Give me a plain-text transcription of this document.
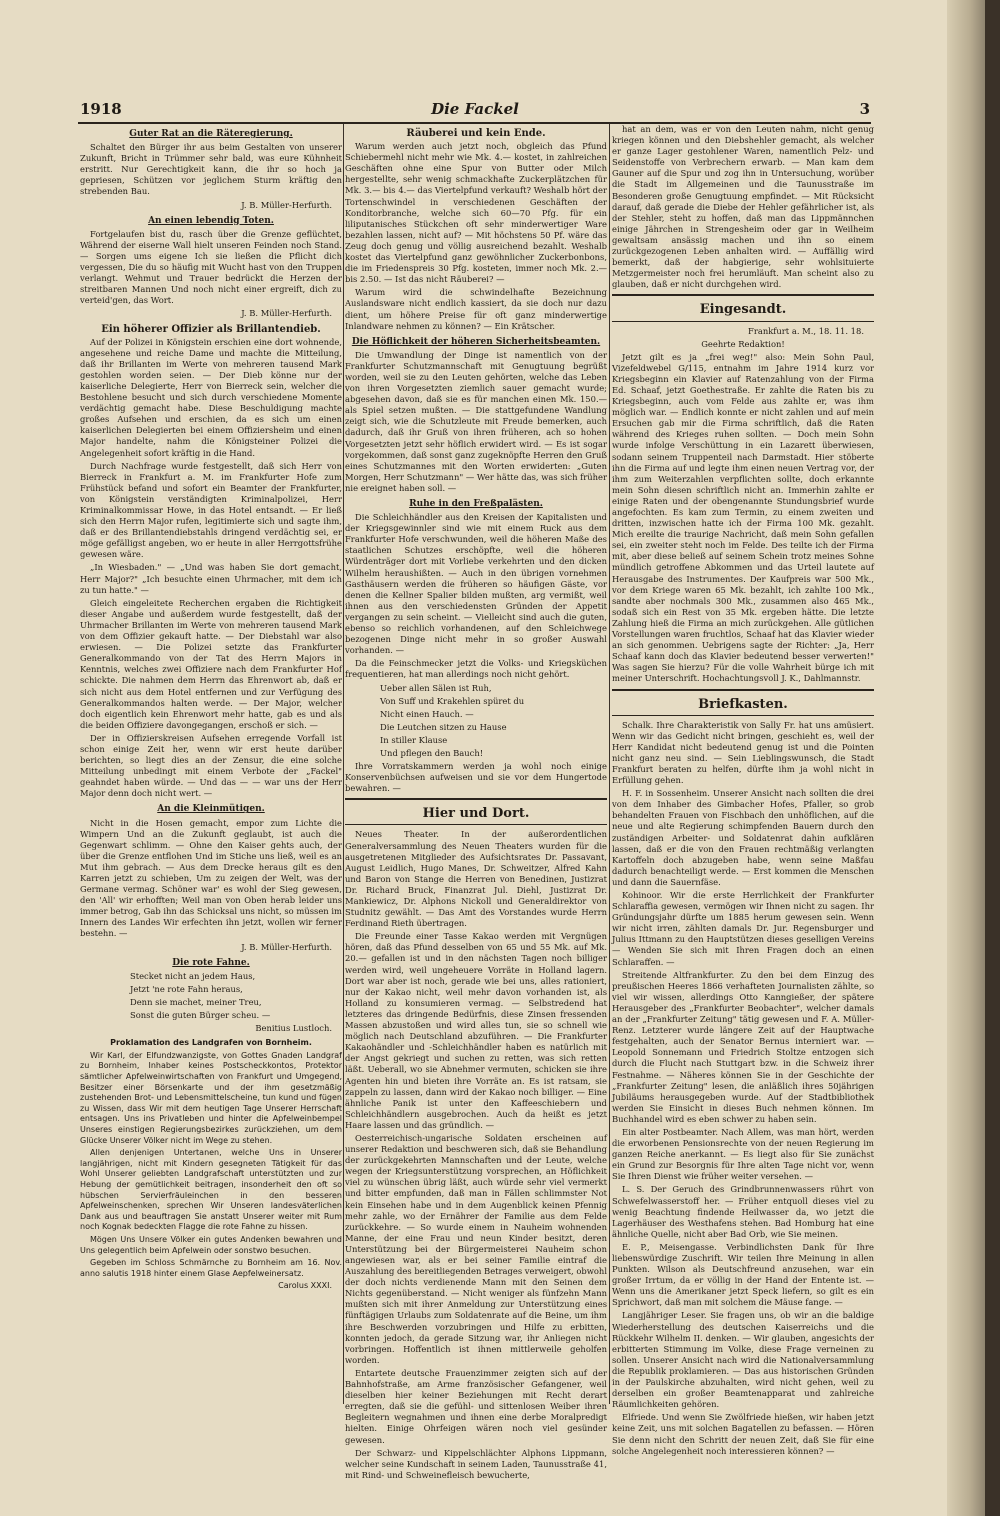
1918	Die Fackel	3
Guter Rat an die Räteregierung.

Schaltet den Bürger ihr aus beim Gestalten von unserer Zukunft, Bricht in Trümmer sehr bald, was eure Kühnheit erstritt. Nur Gerechtigkeit kann, die ihr so hoch ja gepriesen, Schützen vor jeglichem Sturm kräftig den strebenden Bau.

J. B. Müller-Herfurth.

An einen lebendig Toten.

Fortgelaufen bist du, rasch über die Grenze geflüchtet, Während der eiserne Wall hielt unseren Feinden noch Stand. — Sorgen ums eigene Ich sie ließen die Pflicht dich vergessen, Die du so häufig mit Wucht hast von den Truppen verlangt. Wehmut und Trauer bedrückt die Herzen der streitbaren Mannen Und noch nicht einer ergreift, dich zu verteid'gen, das Wort.

J. B. Müller-Herfurth.

Ein höherer Offizier als Brillantendieb.

Auf der Polizei in Königstein erschien eine dort wohnende, angesehene und reiche Dame und machte die Mitteilung, daß ihr Brillanten im Werte von mehreren tausend Mark gestohlen worden seien. — Der Dieb könne nur der kaiserliche Delegierte, Herr von Bierreck sein, welcher die Bestohlene besucht und sich durch verschiedene Momente verdächtig gemacht habe. Diese Beschuldigung machte großes Aufsehen und erschien, da es sich um einen kaiserlichen Delegierten bei einem Offiziersheim und einen Major handelte, nahm die Königsteiner Polizei die Angelegenheit sofort kräftig in die Hand.

Durch Nachfrage wurde festgestellt, daß sich Herr von Bierreck in Frankfurt a. M. im Frankfurter Hofe zum Frühstück befand und sofort ein Beamter der Frankfurter, von Königstein verständigten Kriminalpolizei, Herr Kriminalkommissar Howe, in das Hotel entsandt. — Er ließ sich den Herrn Major rufen, legitimierte sich und sagte ihm, daß er des Brillantendiebstahls dringend verdächtig sei, er möge gefälligst angeben, wo er heute in aller Herrgottsfrühe gewesen wäre.

„In Wiesbaden." — „Und was haben Sie dort gemacht, Herr Major?" „Ich besuchte einen Uhrmacher, mit dem ich zu tun hatte." —

Gleich eingeleitete Recherchen ergaben die Richtigkeit dieser Angabe und außerdem wurde festgestellt, daß der Uhrmacher Brillanten im Werte von mehreren tausend Mark von dem Offizier gekauft hatte. — Der Diebstahl war also erwiesen. — Die Polizei setzte das Frankfurter Generalkommando von der Tat des Herrn Majors in Kenntnis, welches zwei Offiziere nach dem Frankfurter Hof schickte. Die nahmen dem Herrn das Ehrenwort ab, daß er sich nicht aus dem Hotel entfernen und zur Verfügung des Generalkommandos halten werde. — Der Major, welcher doch eigentlich kein Ehrenwort mehr hatte, gab es und als die beiden Offiziere davongegangen, erschoß er sich. —

Der in Offizierskreisen Aufsehen erregende Vorfall ist schon einige Zeit her, wenn wir erst heute darüber berichten, so liegt dies an der Zensur, die eine solche Mitteilung unbedingt mit einem Verbote der „Fackel" geahndet haben würde. — Und das — — war uns der Herr Major denn doch nicht wert. —

An die Kleinmütigen.

Nicht in die Hosen gemacht, empor zum Lichte die Wimpern Und an die Zukunft geglaubt, ist auch die Gegenwart schlimm. — Ohne den Kaiser gehts auch, der über die Grenze entflohen Und im Stiche uns ließ, weil es an Mut ihm gebrach. — Aus dem Drecke heraus gilt es den Karren jetzt zu schieben, Um zu zeigen der Welt, was der Germane vermag. Schöner war' es wohl der Sieg gewesen, den 'All' wir erhofften; Weil man von Oben herab leider uns immer betrog, Gab ihn das Schicksal uns nicht, so müssen im Innern des Landes Wir erfechten ihn jetzt, wollen wir ferner bestehn. —

J. B. Müller-Herfurth.

Die rote Fahne.

Stecket nicht an jedem Haus,

Jetzt 'ne rote Fahn heraus,

Denn sie machet, meiner Treu,

Sonst die guten Bürger scheu. —

Benitius Lustloch.

Proklamation des Landgrafen von Bornheim.

Wir Karl, der Elfundzwanzigste, von Gottes Gnaden Landgraf zu Bornheim, Inhaber keines Postscheckkontos, Protektor sämtlicher Apfelweinwirtschaften von Frankfurt und Umgegend, Besitzer einer Börsenkarte und der ihm gesetzmäßig zustehenden Brot- und Lebensmittelscheine, tun kund und fügen zu Wissen, dass Wir mit dem heutigen Tage Unserer Herrschaft entsagen. Uns ins Privatleben und hinter die Apfelweinbempel Unseres einstigen Regierungsbezirkes zurückziehen, um dem Glücke Unserer Völker nicht im Wege zu stehen.

Allen denjenigen Untertanen, welche Uns in Unserer langjährigen, nicht mit Kindern gesegneten Tätigkeit für das Wohl Unserer geliebten Landgrafschaft unterstützten und zur Hebung der gemütlichkeit beitragen, insonderheit den oft so hübschen Servierfräuleinchen in den besseren Apfelweinschenken, sprechen Wir Unseren landesväterlichen Dank aus und beauftragen Sie anstatt Unserer weiter mit Rum noch Kognak bedeckten Flagge die rote Fahne zu hissen.

Mögen Uns Unsere Völker ein gutes Andenken bewahren und Uns gelegentlich beim Apfelwein oder sonstwo besuchen.

Gegeben im Schloss Schmärnche zu Bornheim am 16. Nov. anno salutis 1918 hinter einem Glase Aepfelweinersatz.

Carolus XXXI.

Räuberei und kein Ende.

Warum werden auch jetzt noch, obgleich das Pfund Schiebermehl nicht mehr wie Mk. 4.— kostet, in zahlreichen Geschäften ohne eine Spur von Butter oder Milch hergestellte, sehr wenig schmackhafte Zuckerplätzchen für Mk. 3.— bis 4.— das Viertelpfund verkauft? Weshalb hört der Tortenschwindel in verschiedenen Geschäften der Konditorbranche, welche sich 60—70 Pfg. für ein liliputanisches Stückchen oft sehr minderwertiger Ware bezahlen lassen, nicht auf? — Mit höchstens 50 Pf. wäre das Zeug doch genug und völlig ausreichend bezahlt. Weshalb kostet das Viertelpfund ganz gewöhnlicher Zuckerbonbons, die im Friedenspreis 30 Pfg. kosteten, immer noch Mk. 2.— bis 2.50. — Ist das nicht Räuberei? —

Warum wird die schwindelhafte Bezeichnung Auslandsware nicht endlich kassiert, da sie doch nur dazu dient, um höhere Preise für oft ganz minderwertige Inlandware nehmen zu können? — Ein Krätscher.

Die Höflichkeit der höheren Sicherheitsbeamten.

Die Umwandlung der Dinge ist namentlich von der Frankfurter Schutzmannschaft mit Genugtuung begrüßt worden, weil sie zu den Leuten gehörten, welche das Leben von ihren Vorgesetzten ziemlich sauer gemacht wurde; abgesehen davon, daß sie es für manchen einen Mk. 150.— als Spiel setzen mußten. — Die stattgefundene Wandlung zeigt sich, wie die Schutzleute mit Freude bemerken, auch dadurch, daß ihr Gruß von ihren früheren, ach so hohen Vorgesetzten jetzt sehr höflich erwidert wird. — Es ist sogar vorgekommen, daß sonst ganz zugeknöpfte Herren den Gruß eines Schutzmannes mit den Worten erwiderten: „Guten Morgen, Herr Schutzmann" — Wer hätte das, was sich früher nie ereignet haben soll. —

Ruhe in den Freßpalästen.

Die Schleichhändler aus den Kreisen der Kapitalisten und der Kriegsgewinnler sind wie mit einem Ruck aus dem Frankfurter Hofe verschwunden, weil die höheren Maße des staatlichen Schutzes erschöpfte, weil die höheren Würdenträger dort mit Vorliebe verkehrten und den dicken Wilhelm heraushißten. — Auch in den übrigen vornehmen Gasthäusern werden die früheren so häufigen Gäste, vor denen die Kellner Spalier bilden mußten, arg vermißt, weil ihnen aus den verschiedensten Gründen der Appetit vergangen zu sein scheint. — Vielleicht sind auch die guten, ebenso so reichlich vorhandenen, auf den Schleichwege bezogenen Dinge nicht mehr in so großer Auswahl vorhanden. —

Da die Feinschmecker jetzt die Volks- und Kriegsküchen frequentieren, hat man allerdings noch nicht gehört.

Ueber allen Sälen ist Ruh,

Von Suff und Krakehlen spüret du

Nicht einen Hauch. —

Die Leutchen sitzen zu Hause

In stiller Klause

Und pflegen den Bauch!

Ihre Vorratskammern werden ja wohl noch einige Konservenbüchsen aufweisen und sie vor dem Hungertode bewahren. —

Hier und Dort.

Neues Theater. In der außerordentlichen Generalversammlung des Neuen Theaters wurden für die ausgetretenen Mitglieder des Aufsichtsrates Dr. Passavant, August Leidlich, Hugo Manes, Dr. Schweitzer, Alfred Kahn und Baron von Stange die Herren von Benedinen, Justizrat Dr. Richard Bruck, Finanzrat Jul. Diehl, Justizrat Dr. Mankiewicz, Dr. Alphons Nickoll und Generaldirektor von Studnitz gewählt. — Das Amt des Vorstandes wurde Herrn Ferdinand Rieth übertragen.

Die Freunde einer Tasse Kakao werden mit Vergnügen hören, daß das Pfund desselben von 65 und 55 Mk. auf Mk. 20.— gefallen ist und in den nächsten Tagen noch billiger werden wird, weil ungeheuere Vorräte in Holland lagern. Dort war aber ist noch, gerade wie bei uns, alles rationiert, nur der Kakao nicht, weil mehr davon vorhanden ist, als Holland zu konsumieren vermag. — Selbstredend hat letzteres das dringende Bedürfnis, diese Zinsen fressenden Massen abzustoßen und wird alles tun, sie so schnell wie möglich nach Deutschland abzuführen. — Die Frankfurter Kakaohändler und -Schleichhändler haben es natürlich mit der Angst gekriegt und suchen zu retten, was sich retten läßt. Ueberall, wo sie Abnehmer vermuten, schicken sie ihre Agenten hin und bieten ihre Vorräte an. Es ist ratsam, sie zappeln zu lassen, dann wird der Kakao noch billiger. — Eine ähnliche Panik ist unter den Kaffeeschiebern und Schleichhändlern ausgebrochen. Auch da heißt es jetzt Haare lassen und das gründlich. —

Oesterreichisch-ungarische Soldaten erscheinen auf unserer Redaktion und beschweren sich, daß sie Behandlung der zurückgekehrten Mannschaften und der Leute, welche wegen der Kriegsunterstützung vorsprechen, an Höflichkeit viel zu wünschen übrig läßt, auch würde sehr viel vermerkt und bitter empfunden, daß man in Fällen schlimmster Not kein Einsehen habe und in dem Augenblick keinen Pfennig mehr zahle, wo der Ernährer der Familie aus dem Felde zurückkehre. — So wurde einem in Nauheim wohnenden Manne, der eine Frau und neun Kinder besitzt, deren Unterstützung bei der Bürgermeisterei Nauheim schon angewiesen war, als er bei seiner Familie eintraf die Auszahlung des bereitliegenden Betrages verweigert, obwohl der doch nichts verdienende Mann mit den Seinen dem Nichts gegenüberstand. — Nicht weniger als fünfzehn Mann mußten sich mit ihrer Anmeldung zur Unterstützung eines fünftägigen Urlaubs zum Soldatenrate auf die Beine, um ihm ihre Beschwerden vorzubringen und Hilfe zu erbitten, konnten jedoch, da gerade Sitzung war, ihr Anliegen nicht vorbringen. Hoffentlich ist ihnen mittlerweile geholfen worden.

Entartete deutsche Frauenzimmer zeigten sich auf der Bahnhofstraße, am Arme französischer Gefangener, weil dieselben hier keiner Beziehungen mit Recht derart erregten, daß sie die gefühl- und sittenlosen Weiber ihren Begleitern wegnahmen und ihnen eine derbe Moralpredigt hielten. Einige Ohrfeigen wären noch viel gesünder gewesen.

Der Schwarz- und Kippelschlächter Alphons Lippmann, welcher seine Kundschaft in seinem Laden, Taunusstraße 41, mit Rind- und Schweinefleisch bewucherte,

hat an dem, was er von den Leuten nahm, nicht genug kriegen können und den Diebshehler gemacht, als welcher er ganze Lager gestohlener Waren, namentlich Pelz- und Seidenstoffe von Verbrechern erwarb. — Man kam dem Gauner auf die Spur und zog ihn in Untersuchung, worüber die Stadt im Allgemeinen und die Taunusstraße im Besonderen große Genugtuung empfindet. — Mit Rücksicht darauf, daß gerade die Diebe der Hehler gefährlicher ist, als der Stehler, steht zu hoffen, daß man das Lippmännchen einige Jährchen in Strengesheim oder gar in Weilheim gewaltsam ansässig machen und ihn so einem zurückgezogenen Leben anhalten wird. — Auffällig wird bemerkt, daß der habgierige, sehr wohlsituierte Metzgermeister noch frei herumläuft. Man scheint also zu glauben, daß er nicht durchgehen wird.

Eingesandt.

Frankfurt a. M., 18. 11. 18.

Geehrte Redaktion!

Jetzt gilt es ja „frei weg!" also: Mein Sohn Paul, Vizefeldwebel G/115, entnahm im Jahre 1914 kurz vor Kriegsbeginn ein Klavier auf Ratenzahlung von der Firma Ed. Schaaf, jetzt Goethestraße. Er zahlte die Raten bis zu Kriegsbeginn, auch vom Felde aus zahlte er, was ihm möglich war. — Endlich konnte er nicht zahlen und auf mein Ersuchen gab mir die Firma schriftlich, daß die Raten während des Krieges ruhen sollten. — Doch mein Sohn wurde infolge Verschüttung in ein Lazarett überwiesen, sodann seinem Truppenteil nach Darmstadt. Hier stöberte ihn die Firma auf und legte ihm einen neuen Vertrag vor, der ihm zum Weiterzahlen verpflichten sollte, doch erkannte mein Sohn diesen schriftlich nicht an. Immerhin zahlte er einige Raten und der obengenannte Stundungsbrief wurde angefochten. Es kam zum Termin, zu einem zweiten und dritten, inzwischen hatte ich der Firma 100 Mk. gezahlt. Mich ereilte die traurige Nachricht, daß mein Sohn gefallen sei, ein zweiter steht noch im Felde. Des teilte ich der Firma mit, aber diese beließ auf seinem Schein trotz meines Sohne mündlich getroffene Abkommen und das Urteil lautete auf Herausgabe des Instrumentes. Der Kaufpreis war 500 Mk., vor dem Kriege waren 65 Mk. bezahlt, ich zahlte 100 Mk., sandte aber nochmals 300 Mk., zusammen also 465 Mk., sodaß sich ein Rest von 35 Mk. ergeben hätte. Die letzte Zahlung hieß die Firma an mich zurückgehen. Alle gütlichen Vorstellungen waren fruchtlos, Schaaf hat das Klavier wieder an sich genommen. Uebrigens sagte der Richter: „Ja, Herr Schaaf kann doch das Klavier bedeutend besser verwerten!" Was sagen Sie hierzu? Für die volle Wahrheit bürge ich mit meiner Unterschrift. Hochachtungsvoll J. K., Dahlmannstr.

Briefkasten.

Schalk. Ihre Charakteristik von Sally Fr. hat uns amüsiert. Wenn wir das Gedicht nicht bringen, geschieht es, weil der Herr Kandidat nicht bedeutend genug ist und die Pointen nicht ganz neu sind. — Sein Lieblingswunsch, die Stadt Frankfurt beraten zu helfen, dürfte ihm ja wohl nicht in Erfüllung gehen.

H. F. in Sossenheim. Unserer Ansicht nach sollten die drei von dem Inhaber des Gimbacher Hofes, Pfaller, so grob behandelten Frauen von Fischbach den unhöflichen, auf die neue und alte Regierung schimpfenden Bauern durch den zuständigen Arbeiter- und Soldatenrat dahin aufklären lassen, daß er die von den Frauen rechtmäßig verlangten Kartoffeln doch abzugeben habe, wenn seine Maßfau dadurch benachteiligt werde. — Erst kommen die Menschen und dann die Sauernfäse.

Kohinoor. Wir die erste Herrlichkeit der Frankfurter Schlaraffia gewesen, vermögen wir Ihnen nicht zu sagen. Ihr Gründungsjahr dürfte um 1885 herum gewesen sein. Wenn wir nicht irren, zählten damals Dr. Jur. Regensburger und Julius Ittmann zu den Hauptstützen dieses geselligen Vereins — Wenden Sie sich mit Ihren Fragen doch an einen Schlaraffen. —

Streitende Altfrankfurter. Zu den bei dem Einzug des preußischen Heeres 1866 verhafteten Journalisten zählte, so viel wir wissen, allerdings Otto Kanngießer, der spätere Herausgeber des „Frankfurter Beobachter", welcher damals an der „Frankfurter Zeitung" tätig gewesen und F. A. Müller-Renz. Letzterer wurde längere Zeit auf der Hauptwache festgehalten, auch der Senator Bernus interniert war. — Leopold Sonnemann und Friedrich Stoltze entzogen sich durch die Flucht nach Stuttgart bzw. in die Schweiz ihrer Festnahme. — Näheres können Sie in der Geschichte der „Frankfurter Zeitung" lesen, die anläßlich ihres 50jährigen Jubiläums herausgegeben wurde. Auf der Stadtbibliothek werden Sie Einsicht in dieses Buch nehmen können. Im Buchhandel wird es eben schwer zu haben sein.

Ein alter Postbeamter. Nach Allem, was man hört, werden die erworbenen Pensionsrechte von der neuen Regierung im ganzen Reiche anerkannt. — Es liegt also für Sie zunächst ein Grund zur Besorgnis für Ihre alten Tage nicht vor, wenn Sie Ihren Dienst wie früher weiter versehen. —

L. S. Der Geruch des Grindbrunnenwassers rührt von Schwefelwasserstoff her. — Früher entquoll dieses viel zu wenig Beachtung findende Heilwasser da, wo jetzt die Lagerhäuser des Westhafens stehen. Bad Homburg hat eine ähnliche Quelle, nicht aber Bad Orb, wie Sie meinen.

E. P., Meisengasse. Verbindlichsten Dank für Ihre liebenswürdige Zuschrift. Wir teilen Ihre Meinung in allen Punkten. Wilson als Deutschfreund anzusehen, war ein großer Irrtum, da er völlig in der Hand der Entente ist. — Wenn uns die Amerikaner jetzt Speck liefern, so gilt es ein Sprichwort, daß man mit solchem die Mäuse fange. —

Langjähriger Leser. Sie fragen uns, ob wir an die baldige Wiederherstellung des deutschen Kaiserreichs und die Rückkehr Wilhelm II. denken. — Wir glauben, angesichts der erbitterten Stimmung im Volke, diese Frage verneinen zu sollen. Unserer Ansicht nach wird die Nationalversammlung die Republik proklamieren. — Das aus historischen Gründen in der Paulskirche abzuhalten, wird nicht gehen, weil zu derselben ein großer Beamtenapparat und zahlreiche Räumlichkeiten gehören.

Elfriede. Und wenn Sie Zwölfriede hießen, wir haben jetzt keine Zeit, uns mit solchen Bagatellen zu befassen. — Hören Sie denn nicht den Schritt der neuen Zeit, daß Sie für eine solche Angelegenheit noch interessieren können? —
